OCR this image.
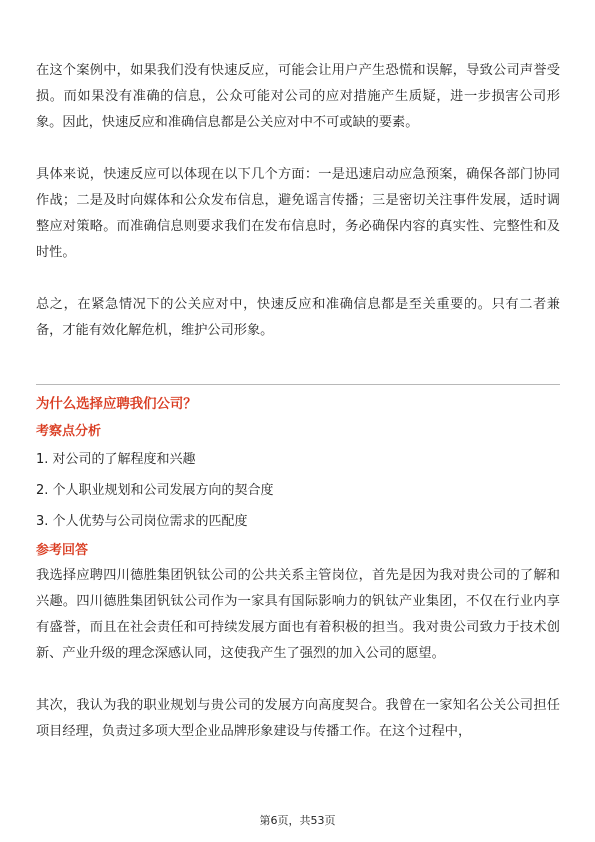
在这个案例中，如果我们没有快速反应，可能会让用户产生恐慌和误解，导致公司声誉受损。而如果没有准确的信息，公众可能对公司的应对措施产生质疑，进一步损害公司形象。因此，快速反应和准确信息都是公关应对中不可或缺的要素。

具体来说，快速反应可以体现在以下几个方面：一是迅速启动应急预案，确保各部门协同作战；二是及时向媒体和公众发布信息，避免谣言传播；三是密切关注事件发展，适时调整应对策略。而准确信息则要求我们在发布信息时，务必确保内容的真实性、完整性和及时性。

总之，在紧急情况下的公关应对中，快速反应和准确信息都是至关重要的。只有二者兼备，才能有效化解危机，维护公司形象。

为什么选择应聘我们公司？

考察点分析

1. 对公司的了解程度和兴趣

2. 个人职业规划和公司发展方向的契合度

3. 个人优势与公司岗位需求的匹配度

参考回答

我选择应聘四川德胜集团钒钛公司的公共关系主管岗位，首先是因为我对贵公司的了解和兴趣。四川德胜集团钒钛公司作为一家具有国际影响力的钒钛产业集团，不仅在行业内享有盛誉，而且在社会责任和可持续发展方面也有着积极的担当。我对贵公司致力于技术创新、产业升级的理念深感认同，这使我产生了强烈的加入公司的愿望。

其次，我认为我的职业规划与贵公司的发展方向高度契合。我曾在一家知名公关公司担任项目经理，负责过多项大型企业品牌形象建设与传播工作。在这个过程中，

第6页，共53页
